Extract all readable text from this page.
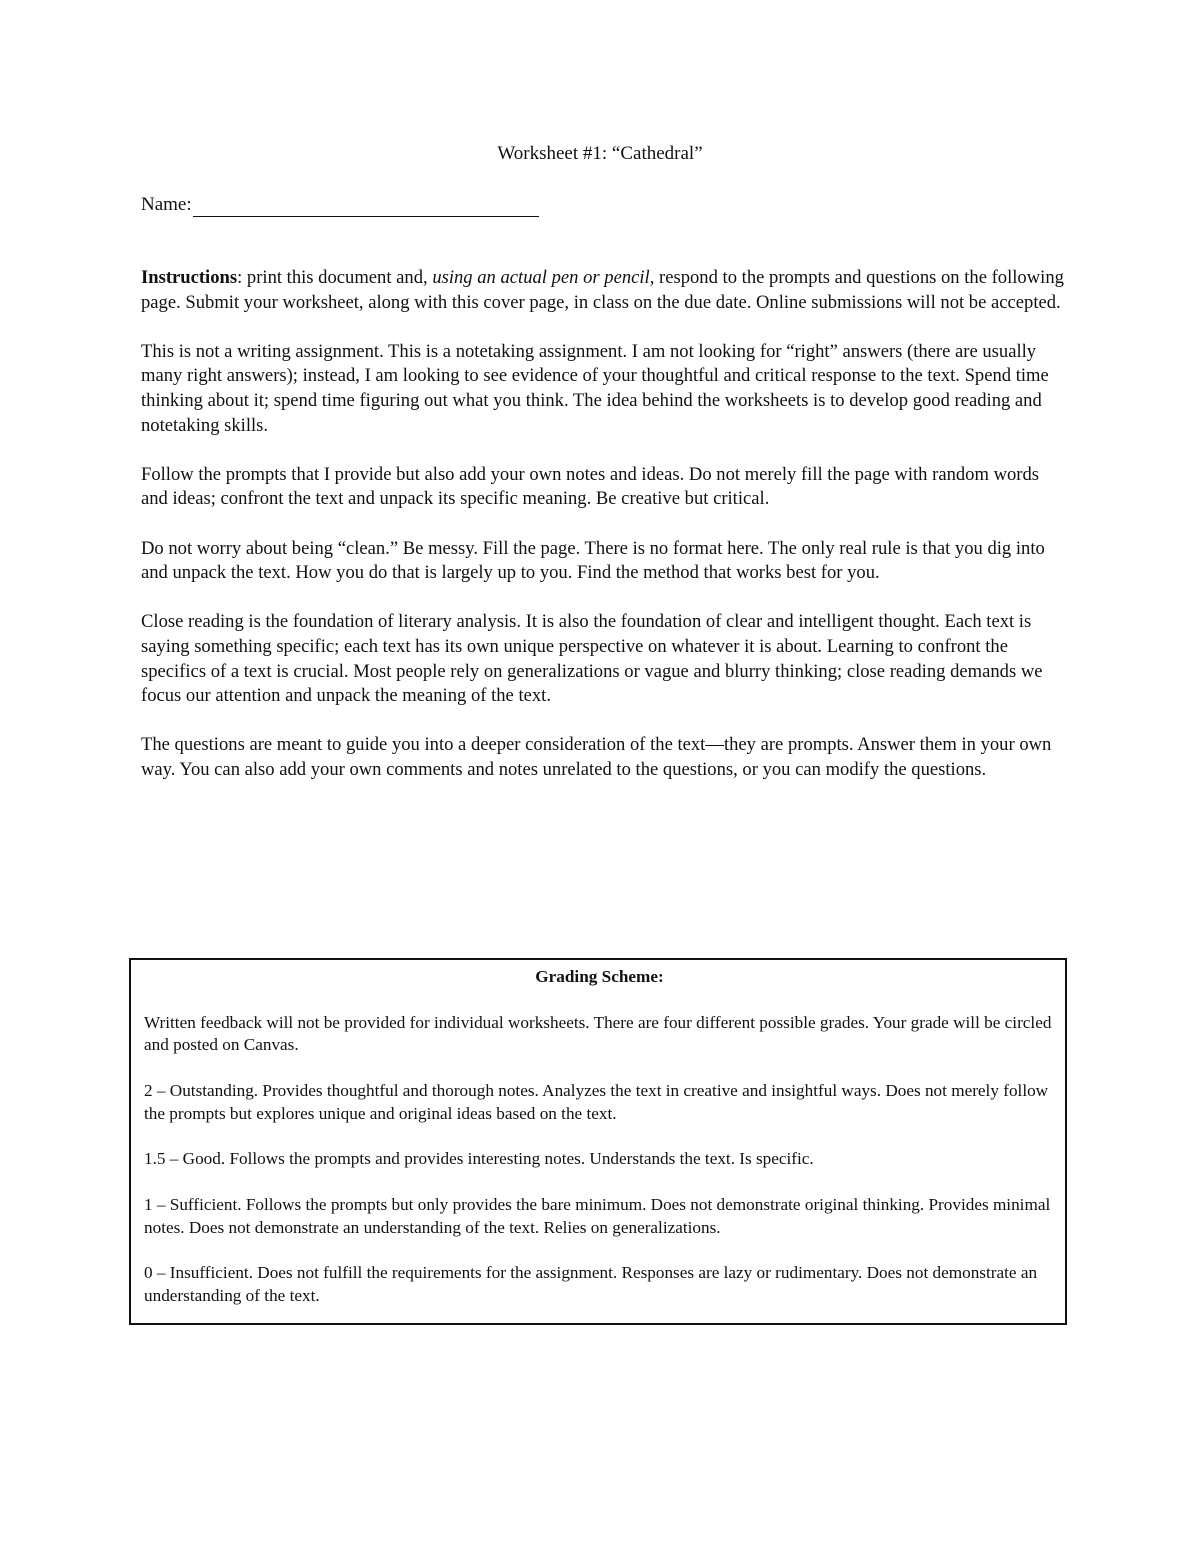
Worksheet #1: “Cathedral”
Name:

Instructions: print this document and, using an actual pen or pencil, respond to the prompts and questions on the following page. Submit your worksheet, along with this cover page, in class on the due date. Online submissions will not be accepted.

This is not a writing assignment. This is a notetaking assignment. I am not looking for “right” answers (there are usually many right answers); instead, I am looking to see evidence of your thoughtful and critical response to the text. Spend time thinking about it; spend time figuring out what you think. The idea behind the worksheets is to develop good reading and notetaking skills.

Follow the prompts that I provide but also add your own notes and ideas. Do not merely fill the page with random words and ideas; confront the text and unpack its specific meaning. Be creative but critical.

Do not worry about being “clean.” Be messy. Fill the page. There is no format here. The only real rule is that you dig into and unpack the text. How you do that is largely up to you. Find the method that works best for you.

Close reading is the foundation of literary analysis. It is also the foundation of clear and intelligent thought. Each text is saying something specific; each text has its own unique perspective on whatever it is about. Learning to confront the specifics of a text is crucial. Most people rely on generalizations or vague and blurry thinking; close reading demands we focus our attention and unpack the meaning of the text.

The questions are meant to guide you into a deeper consideration of the text—they are prompts. Answer them in your own way. You can also add your own comments and notes unrelated to the questions, or you can modify the questions.

Grading Scheme:

Written feedback will not be provided for individual worksheets. There are four different possible grades. Your grade will be circled and posted on Canvas.

2 – Outstanding. Provides thoughtful and thorough notes. Analyzes the text in creative and insightful ways. Does not merely follow the prompts but explores unique and original ideas based on the text.

1.5 – Good. Follows the prompts and provides interesting notes. Understands the text. Is specific.

1 – Sufficient. Follows the prompts but only provides the bare minimum. Does not demonstrate original thinking. Provides minimal notes. Does not demonstrate an understanding of the text. Relies on generalizations.

0 – Insufficient. Does not fulfill the requirements for the assignment. Responses are lazy or rudimentary. Does not demonstrate an understanding of the text.
